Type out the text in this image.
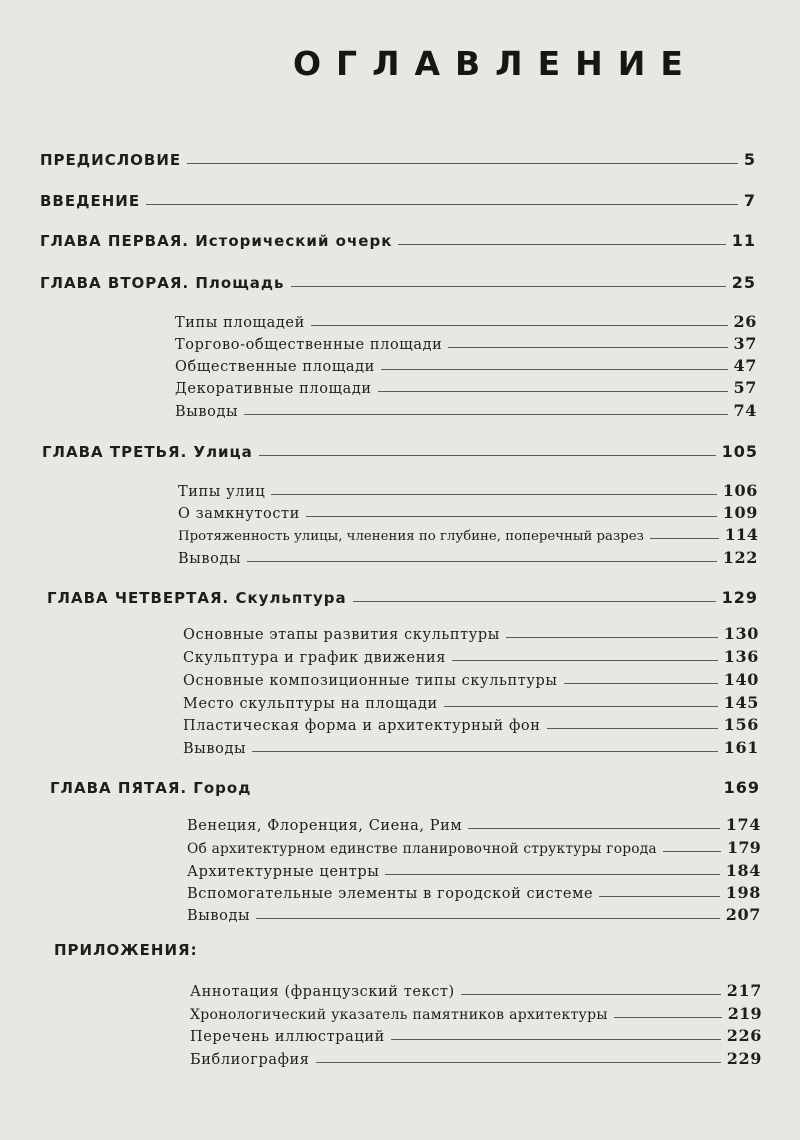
ОГЛАВЛЕНИЕ
ПРЕДИСЛОВИЕ	5
ВВЕДЕНИЕ	7
ГЛАВА ПЕРВАЯ. Исторический очерк	11
ГЛАВА ВТОРАЯ. Площадь	25
Типы площадей	26
Торгово-общественные площади	37
Общественные площади	47
Декоративные площади	57
Выводы	74
ГЛАВА ТРЕТЬЯ. Улица	105
Типы улиц	106
О замкнутости	109
Протяженность улицы, членения по глубине, поперечный разрез	114
Выводы	122
ГЛАВА ЧЕТВЕРТАЯ. Скульптура	129
Основные этапы развития скульптуры	130
Скульптура и график движения	136
Основные композиционные типы скульптуры	140
Место скульптуры на площади	145
Пластическая форма и архитектурный фон	156
Выводы	161
ГЛАВА ПЯТАЯ. Город	169
Венеция, Флоренция, Сиена, Рим	174
Об архитектурном единстве планировочной структуры города	179
Архитектурные центры	184
Вспомогательные элементы в городской системе	198
Выводы	207
ПРИЛОЖЕНИЯ:
Аннотация (французский текст)	217
Хронологический указатель памятников архитектуры	219
Перечень иллюстраций	226
Библиография	229
